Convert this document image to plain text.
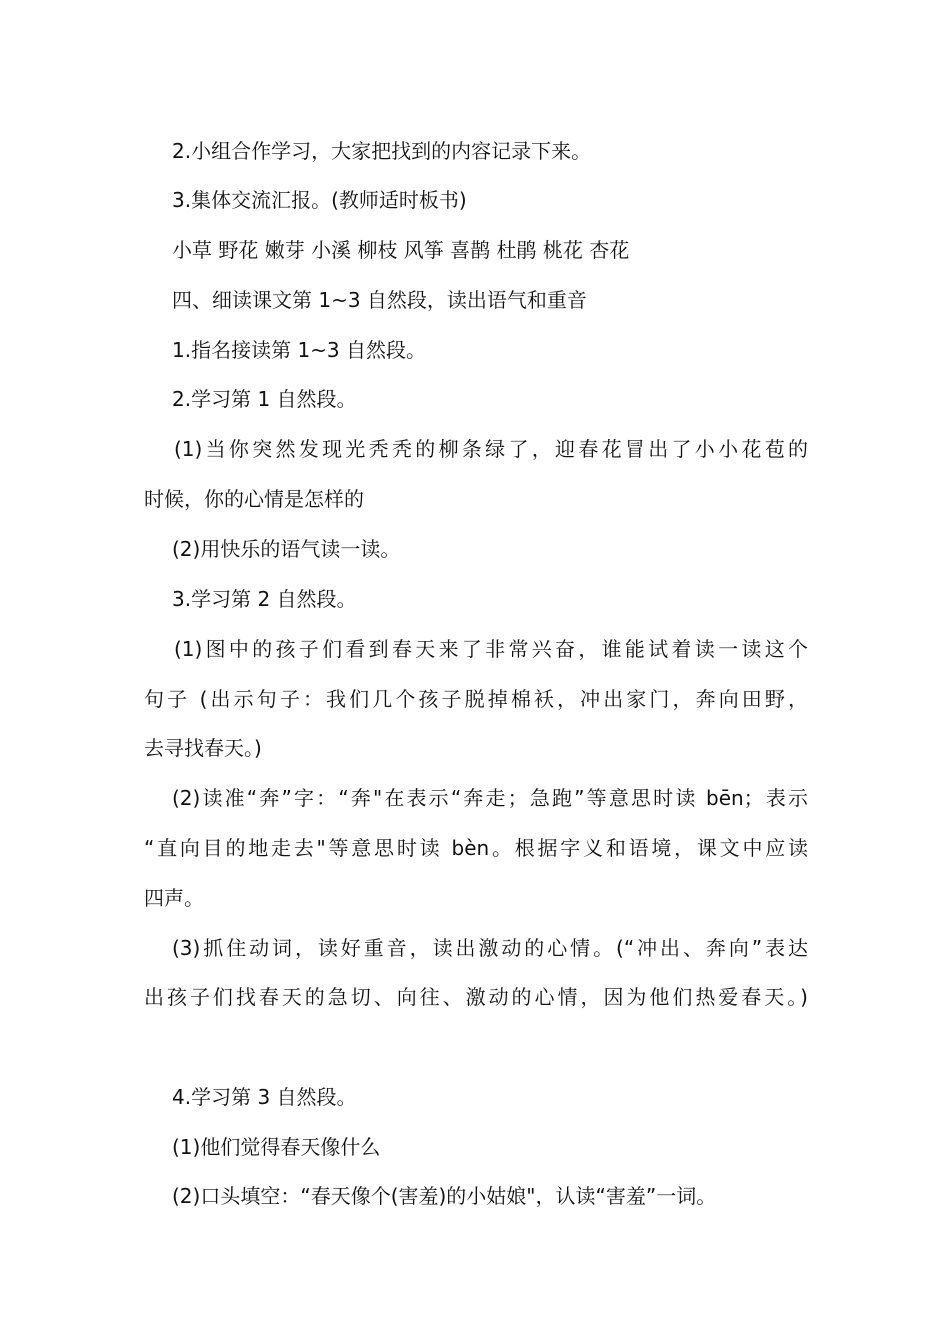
2.小组合作学习，大家把找到的内容记录下来。
3.集体交流汇报。(教师适时板书)
小草 野花 嫩芽 小溪 柳枝 风筝 喜鹊 杜鹃 桃花 杏花
四、细读课文第 1~3 自然段，读出语气和重音
1.指名接读第 1~3 自然段。
2.学习第 1 自然段。
(1)当你突然发现光秃秃的柳条绿了，迎春花冒出了小小花苞的
时候，你的心情是怎样的
(2)用快乐的语气读一读。
3.学习第 2 自然段。
(1)图中的孩子们看到春天来了非常兴奋，谁能试着读一读这个
句子 (出示句子：我们几个孩子脱掉棉袄，冲出家门，奔向田野，
去寻找春天。)
(2)读准“奔”字：“奔"在表示“奔走；急跑”等意思时读 bēn；表示
“直向目的地走去"等意思时读 bèn。根据字义和语境，课文中应读
四声。
(3)抓住动词，读好重音，读出激动的心情。(“冲出、奔向”表达
出孩子们找春天的急切、向往、激动的心情，因为他们热爱春天。)
4.学习第 3 自然段。
(1)他们觉得春天像什么
(2)口头填空：“春天像个(害羞)的小姑娘"，认读“害羞”一词。
